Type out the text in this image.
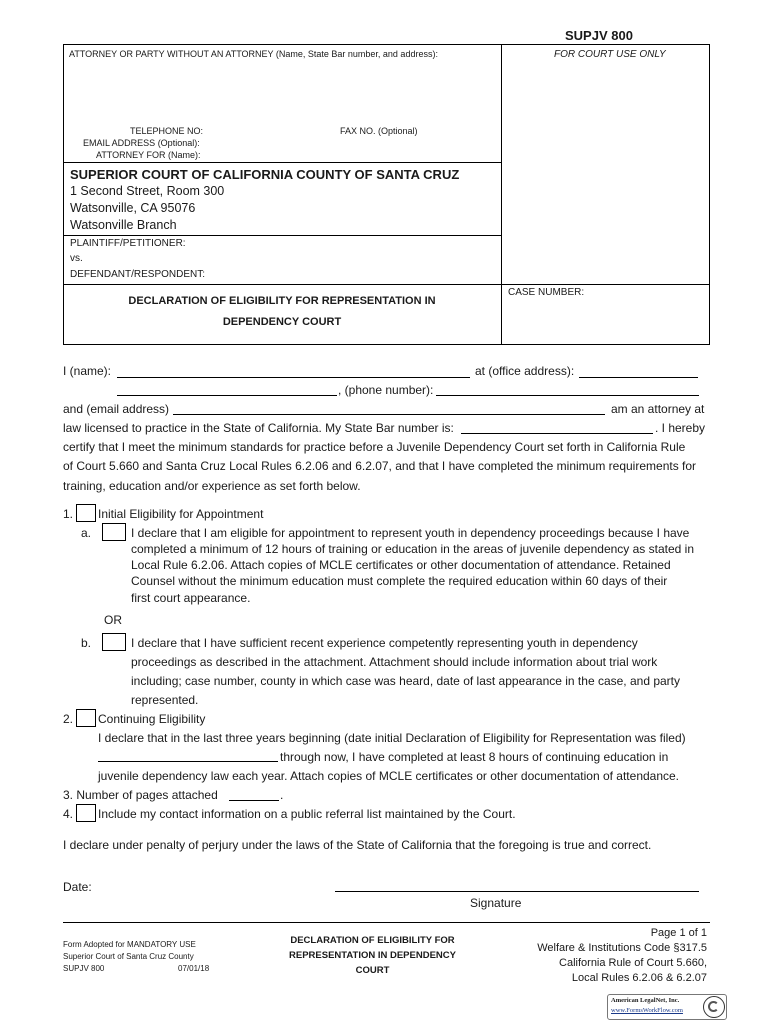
SUPJV 800
FOR COURT USE ONLY
ATTORNEY OR PARTY WITHOUT AN ATTORNEY (Name, State Bar number, and address):
TELEPHONE NO:	FAX NO. (Optional)
EMAIL ADDRESS (Optional):
ATTORNEY FOR (Name):
SUPERIOR COURT OF CALIFORNIA COUNTY OF SANTA CRUZ
1 Second Street, Room 300
Watsonville, CA 95076
Watsonville Branch
PLAINTIFF/PETITIONER:
vs.
DEFENDANT/RESPONDENT:
DECLARATION OF ELIGIBILITY FOR REPRESENTATION IN
DEPENDENCY COURT
CASE NUMBER:
I (name):	at (office address):
, (phone number):
and (email address)	am an attorney at
law licensed to practice in the State of California. My State Bar number is:	. I hereby
certify that I meet the minimum standards for practice before a Juvenile Dependency Court set forth in California Rule
of Court 5.660 and Santa Cruz Local Rules 6.2.06 and 6.2.07, and that I have completed the minimum requirements for
training, education and/or experience as set forth below.
1. Initial Eligibility for Appointment
a.	I declare that I am eligible for appointment to represent youth in dependency proceedings because I have
completed a minimum of 12 hours of training or education in the areas of juvenile dependency as stated in
Local Rule 6.2.06. Attach copies of MCLE certificates or other documentation of attendance. Retained
Counsel without the minimum education must complete the required education within 60 days of their
first court appearance.
OR
b.	I declare that I have sufficient recent experience competently representing youth in dependency
proceedings as described in the attachment. Attachment should include information about trial work
including; case number, county in which case was heard, date of last appearance in the case, and party
represented.
2. Continuing Eligibility
I declare that in the last three years beginning (date initial Declaration of Eligibility for Representation was filed)
through now, I have completed at least 8 hours of continuing education in
juvenile dependency law each year. Attach copies of MCLE certificates or other documentation of attendance.
3. Number of pages attached	.
4. Include my contact information on a public referral list maintained by the Court.
I declare under penalty of perjury under the laws of the State of California that the foregoing is true and correct.
Date:
Signature
Form Adopted for MANDATORY USE
Superior Court of Santa Cruz County
SUPJV 800	07/01/18
DECLARATION OF ELIGIBILITY FOR
REPRESENTATION IN DEPENDENCY
COURT
Page 1 of 1
Welfare & Institutions Code §317.5
California Rule of Court 5.660,
Local Rules 6.2.06 & 6.2.07
American LegalNet, Inc.
www.FormsWorkFlow.com
